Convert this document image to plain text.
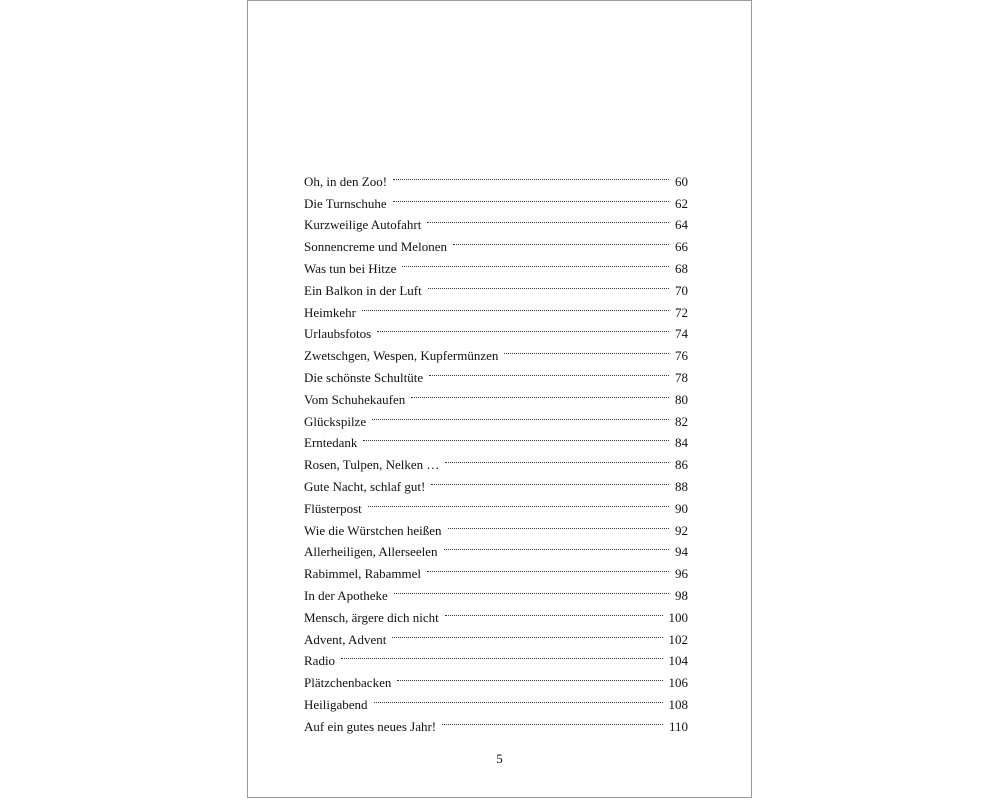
Oh, in den Zoo!	60
Die Turnschuhe	62
Kurzweilige Autofahrt	64
Sonnencreme und Melonen	66
Was tun bei Hitze	68
Ein Balkon in der Luft	70
Heimkehr	72
Urlaubsfotos	74
Zwetschgen, Wespen, Kupfermünzen	76
Die schönste Schultüte	78
Vom Schuhekaufen	80
Glückspilze	82
Erntedank	84
Rosen, Tulpen, Nelken …	86
Gute Nacht, schlaf gut!	88
Flüsterpost	90
Wie die Würstchen heißen	92
Allerheiligen, Allerseelen	94
Rabimmel, Rabammel	96
In der Apotheke	98
Mensch, ärgere dich nicht	100
Advent, Advent	102
Radio	104
Plätzchenbacken	106
Heiligabend	108
Auf ein gutes neues Jahr!	110
5
